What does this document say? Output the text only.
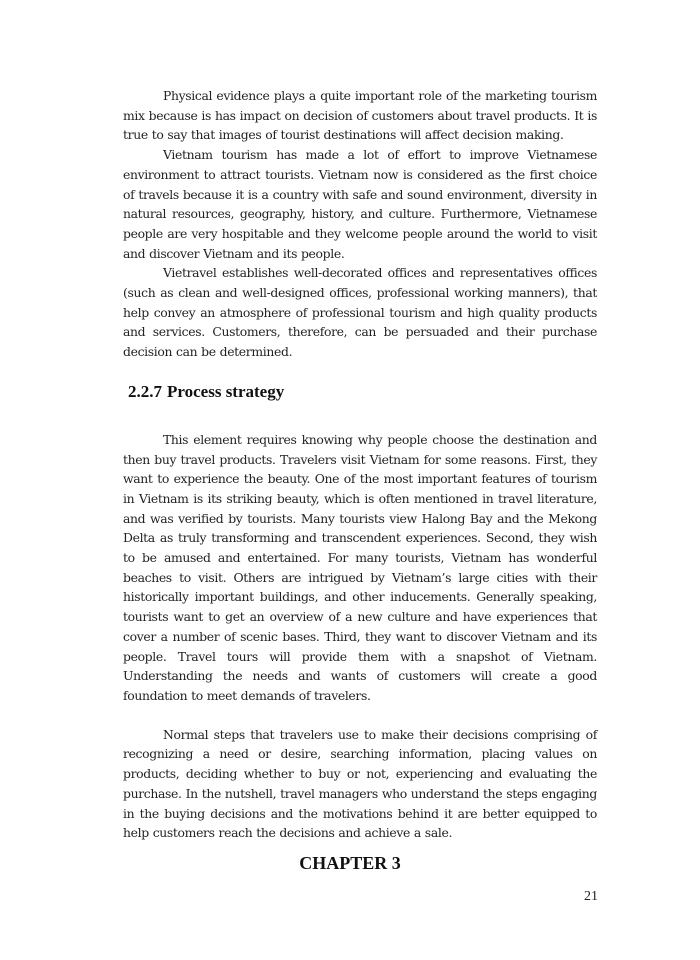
Physical evidence plays a quite important role of the marketing tourism mix because is has impact on decision of customers about travel products. It is true to say that images of tourist destinations will affect decision making.

Vietnam tourism has made a lot of effort to improve Vietnamese environment to attract tourists. Vietnam now is considered as the first choice of travels because it is a country with safe and sound environment, diversity in natural resources, geography, history, and culture. Furthermore, Vietnamese people are very hospitable and they welcome people around the world to visit and discover Vietnam and its people.

Vietravel establishes well-decorated offices and representatives offices (such as clean and well-designed offices, professional working manners), that help convey an atmosphere of professional tourism and high quality products and services. Customers, therefore, can be persuaded and their purchase decision can be determined.

2.2.7 Process strategy

This element requires knowing why people choose the destination and then buy travel products. Travelers visit Vietnam for some reasons. First, they want to experience the beauty. One of the most important features of tourism in Vietnam is its striking beauty, which is often mentioned in travel literature, and was verified by tourists. Many tourists view Halong Bay and the Mekong Delta as truly transforming and transcendent experiences. Second, they wish to be amused and entertained. For many tourists, Vietnam has wonderful beaches to visit. Others are intrigued by Vietnam’s large cities with their historically important buildings, and other inducements. Generally speaking, tourists want to get an overview of a new culture and have experiences that cover a number of scenic bases. Third, they want to discover Vietnam and its people. Travel tours will provide them with a snapshot of Vietnam. Understanding the needs and wants of customers will create a good foundation to meet demands of travelers.

Normal steps that travelers use to make their decisions comprising of recognizing a need or desire, searching information, placing values on products, deciding whether to buy or not, experiencing and evaluating the purchase. In the nutshell, travel managers who understand the steps engaging in the buying decisions and the motivations behind it are better equipped to help customers reach the decisions and achieve a sale.

CHAPTER 3
21
